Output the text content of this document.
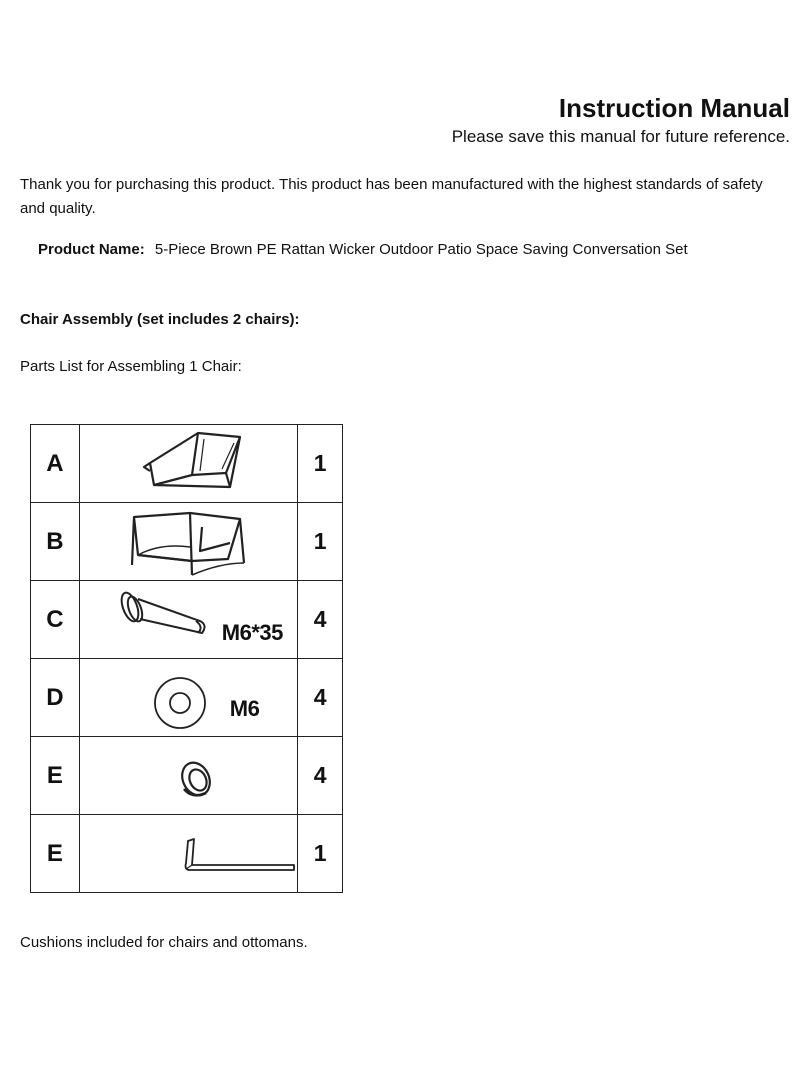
Instruction Manual
Please save this manual for future reference.
Thank you for purchasing this product. This product has been manufactured with the highest standards of safety and quality.
Product Name: 5-Piece Brown PE Rattan Wicker Outdoor Patio Space Saving Conversation Set
Chair Assembly (set includes 2 chairs):
Parts List for Assembling 1 Chair:
A		1
B		1
C	M6*35	4
D	M6	4
E		4
E		1
Cushions included for chairs and ottomans.
